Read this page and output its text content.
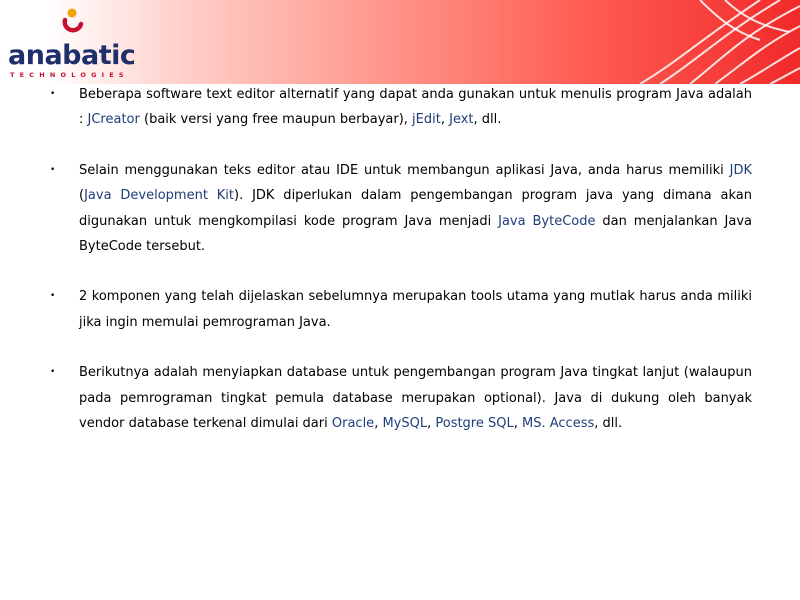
anabatic
TECHNOLOGIES
• Beberapa software text editor alternatif yang dapat anda gunakan untuk menulis program Java adalah : JCreator (baik versi yang free maupun berbayar), jEdit, Jext, dll.
• Selain menggunakan teks editor atau IDE untuk membangun aplikasi Java, anda harus memiliki JDK (Java Development Kit). JDK diperlukan dalam pengembangan program java yang dimana akan digunakan untuk mengkompilasi kode program Java menjadi Java ByteCode dan menjalankan Java ByteCode tersebut.
• 2 komponen yang telah dijelaskan sebelumnya merupakan tools utama yang mutlak harus anda miliki jika ingin memulai pemrograman Java.
• Berikutnya adalah menyiapkan database untuk pengembangan program Java tingkat lanjut (walaupun pada pemrograman tingkat pemula database merupakan optional). Java di dukung oleh banyak vendor database terkenal dimulai dari Oracle, MySQL, Postgre SQL, MS. Access, dll.
